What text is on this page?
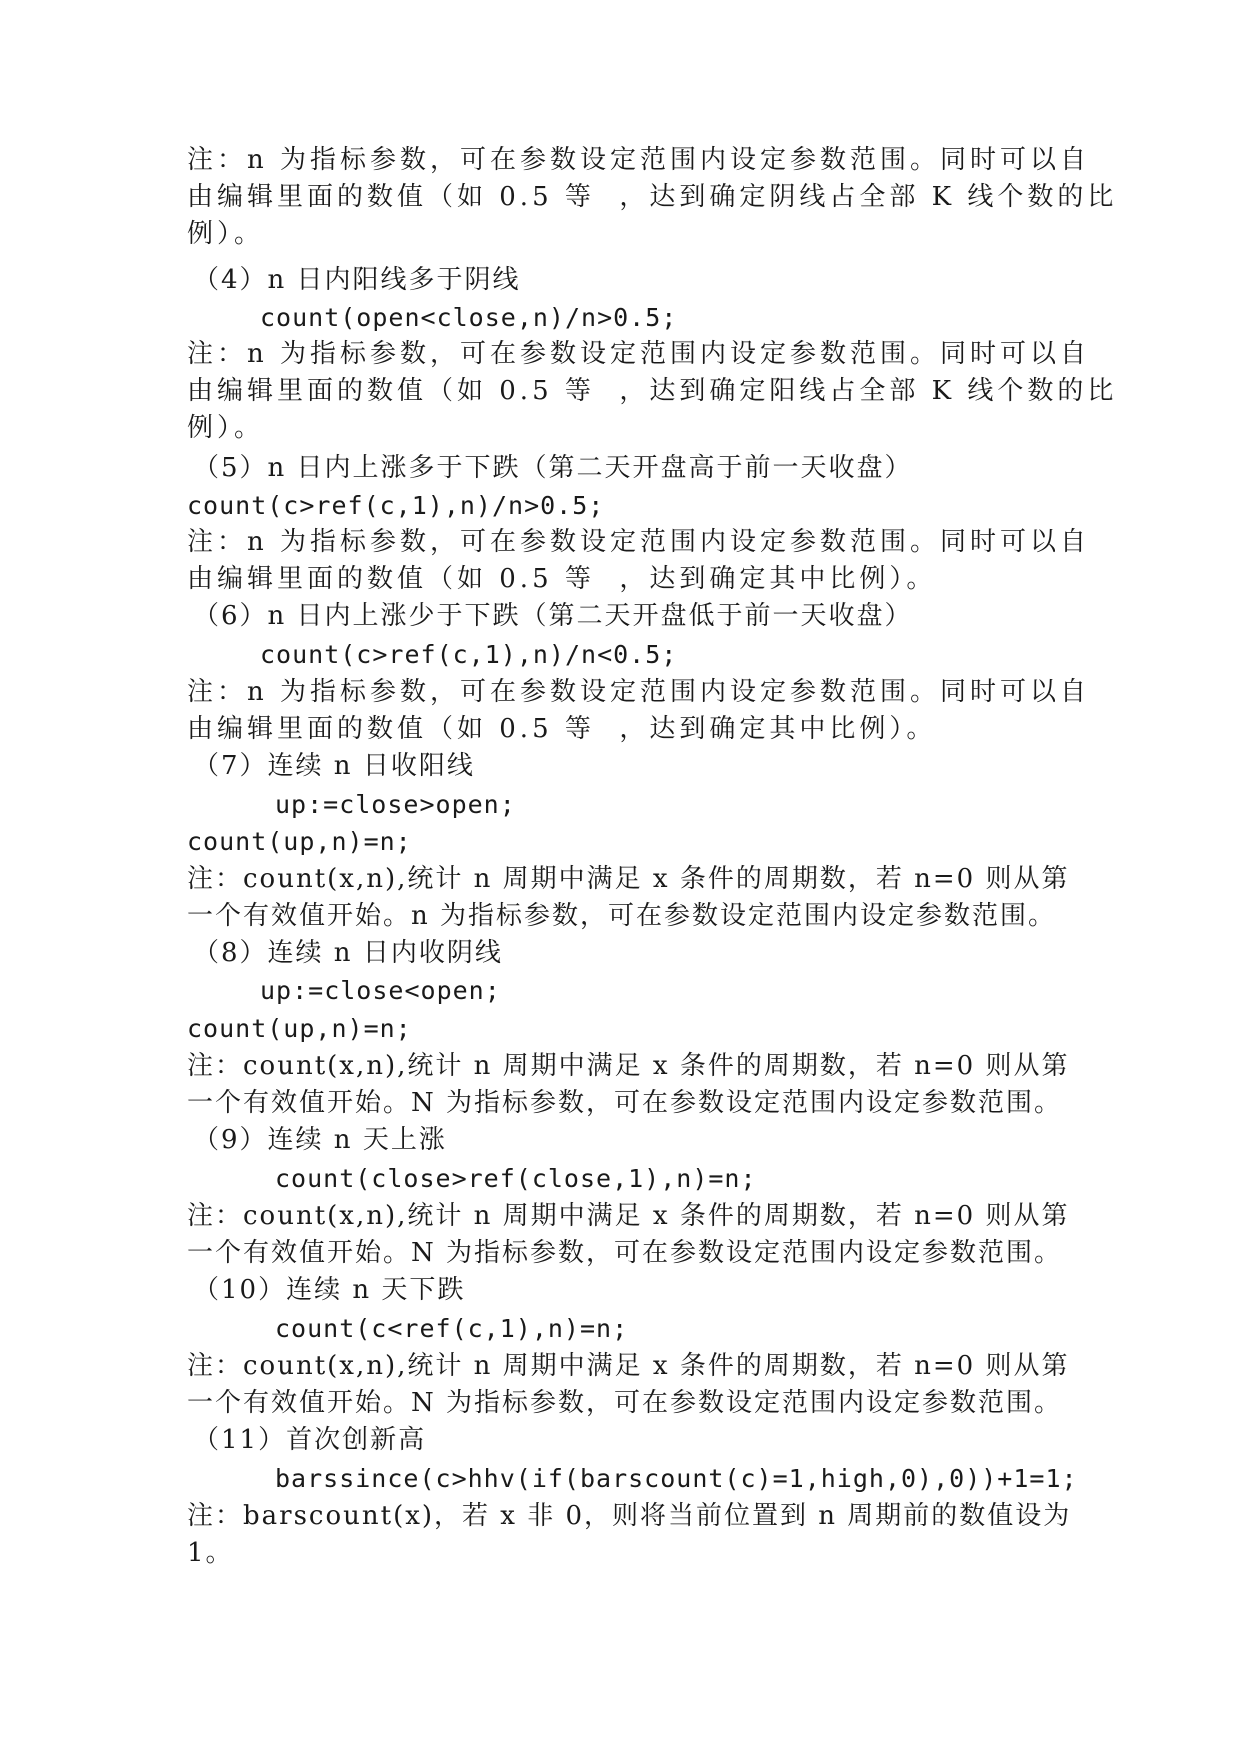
注：n 为指标参数，可在参数设定范围内设定参数范围。同时可以自
由编辑里面的数值（如 0.5 等  ，达到确定阴线占全部 K 线个数的比
例）。
（4）n 日内阳线多于阴线
count(open<close,n)/n>0.5;
注：n 为指标参数，可在参数设定范围内设定参数范围。同时可以自
由编辑里面的数值（如 0.5 等  ，达到确定阳线占全部 K 线个数的比
例）。
（5）n 日内上涨多于下跌（第二天开盘高于前一天收盘）
count(c>ref(c,1),n)/n>0.5;
注：n 为指标参数，可在参数设定范围内设定参数范围。同时可以自
由编辑里面的数值（如 0.5 等  ，达到确定其中比例）。
（6）n 日内上涨少于下跌（第二天开盘低于前一天收盘）
count(c>ref(c,1),n)/n<0.5;
注：n 为指标参数，可在参数设定范围内设定参数范围。同时可以自
由编辑里面的数值（如 0.5 等  ，达到确定其中比例）。
（7）连续 n 日收阳线
up:=close>open;
count(up,n)=n;
注：count(x,n),统计 n 周期中满足 x 条件的周期数，若 n=0 则从第
一个有效值开始。n 为指标参数，可在参数设定范围内设定参数范围。
（8）连续 n 日内收阴线
up:=close<open;
count(up,n)=n;
注：count(x,n),统计 n 周期中满足 x 条件的周期数，若 n=0 则从第
一个有效值开始。N 为指标参数，可在参数设定范围内设定参数范围。
（9）连续 n 天上涨
count(close>ref(close,1),n)=n;
注：count(x,n),统计 n 周期中满足 x 条件的周期数，若 n=0 则从第
一个有效值开始。N 为指标参数，可在参数设定范围内设定参数范围。
（10）连续 n 天下跌
count(c<ref(c,1),n)=n;
注：count(x,n),统计 n 周期中满足 x 条件的周期数，若 n=0 则从第
一个有效值开始。N 为指标参数，可在参数设定范围内设定参数范围。
（11）首次创新高
barssince(c>hhv(if(barscount(c)=1,high,0),0))+1=1;
注：barscount(x)，若 x 非 0，则将当前位置到 n 周期前的数值设为
1。
